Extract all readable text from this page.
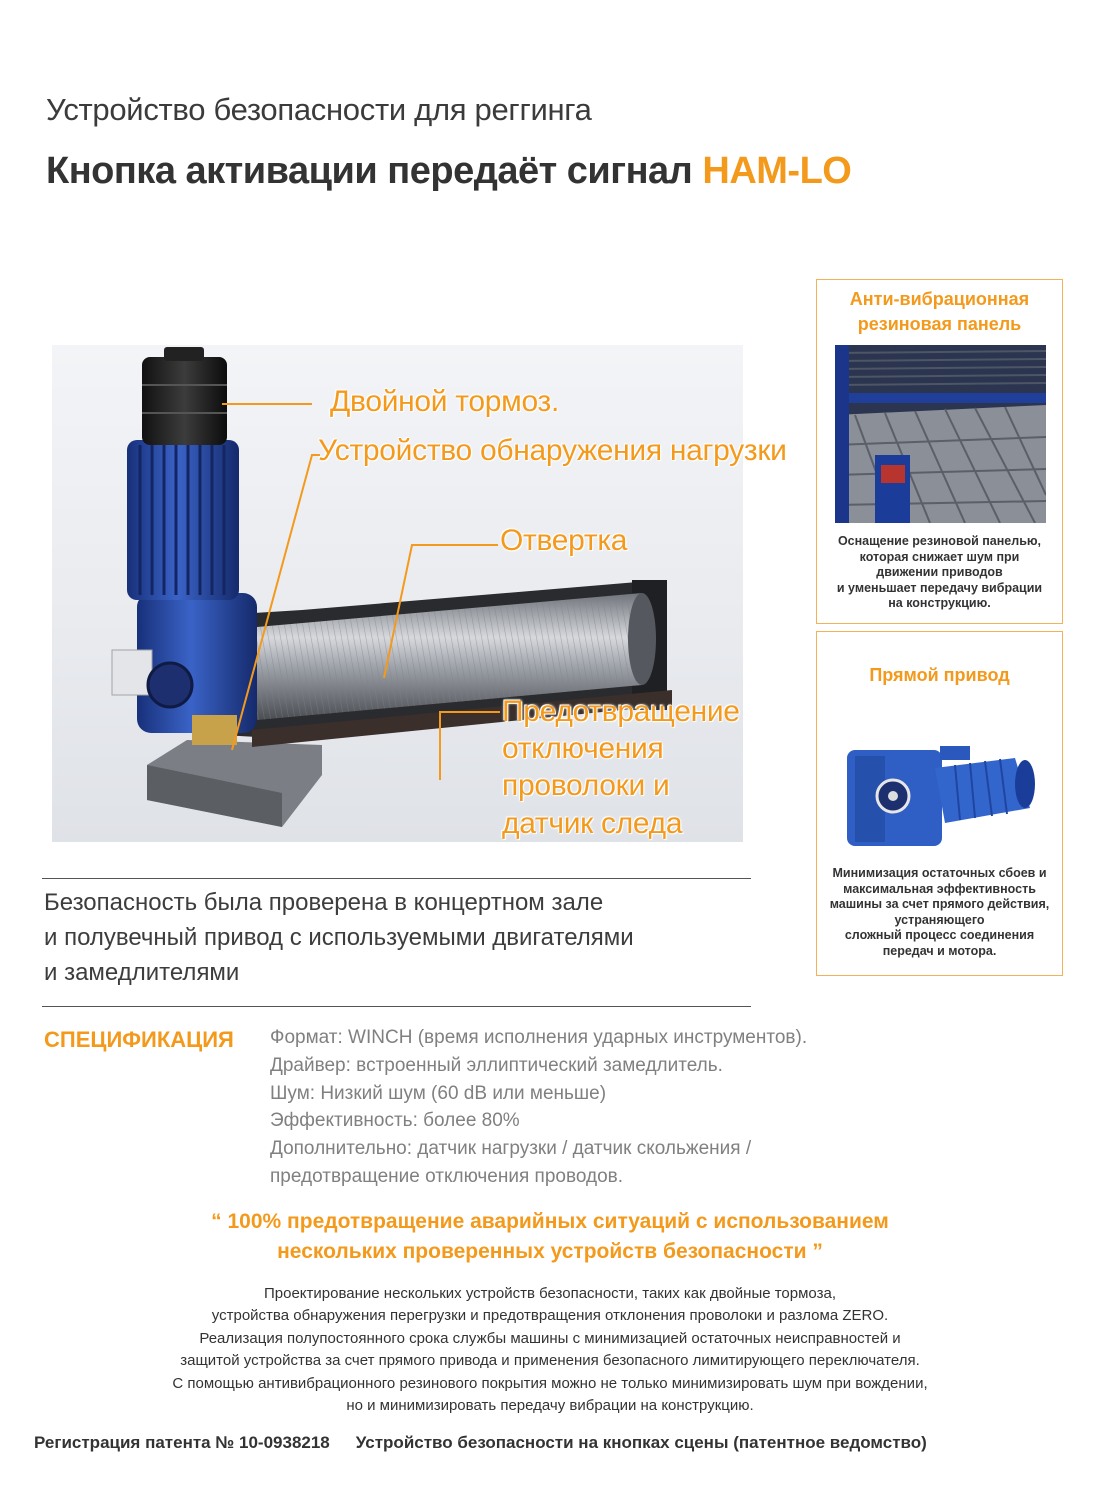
Устройство безопасности для реггинга
Кнопка активации передаёт сигнал HAM-LO
Двойной тормоз.
Устройство обнаружения нагрузки
Отвертка
Предотвращение
отключения
проволоки и
датчик следа
Безопасность была проверена в концертном зале
и полувечный привод с используемыми двигателями
и замедлителями
СПЕЦИФИКАЦИЯ Формат: WINCH (время исполнения ударных инструментов).
Драйвер: встроенный эллиптический замедлитель.
Шум: Низкий шум (60 dB или меньше)
Эффективность: более 80%
Дополнительно: датчик нагрузки / датчик скольжения /
предотвращение отключения проводов.
“ 100% предотвращение аварийных ситуаций с использованием
нескольких проверенных устройств безопасности ”
Проектирование нескольких устройств безопасности, таких как двойные тормоза,
устройства обнаружения перегрузки и предотвращения отклонения проволоки и разлома ZERO.
Реализация полупостоянного срока службы машины с минимизацией остаточных неисправностей и
защитой устройства за счет прямого привода и применения безопасного лимитирующего переключателя.
С помощью антивибрационного резинового покрытия можно не только минимизировать шум при вождении,
но и минимизировать передачу вибрации на конструкцию.
Регистрация патента № 10-0938218 Устройство безопасности на кнопках сцены (патентное ведомство)
Анти-вибрационная
резиновая панель
Оснащение резиновой панелью,
которая снижает шум при
движении приводов
и уменьшает передачу вибрации
на конструкцию.
Прямой привод
Минимизация остаточных сбоев и
максимальная эффективность
машины за счет прямого действия,
устраняющего
сложный процесс соединения
передач и мотора.
